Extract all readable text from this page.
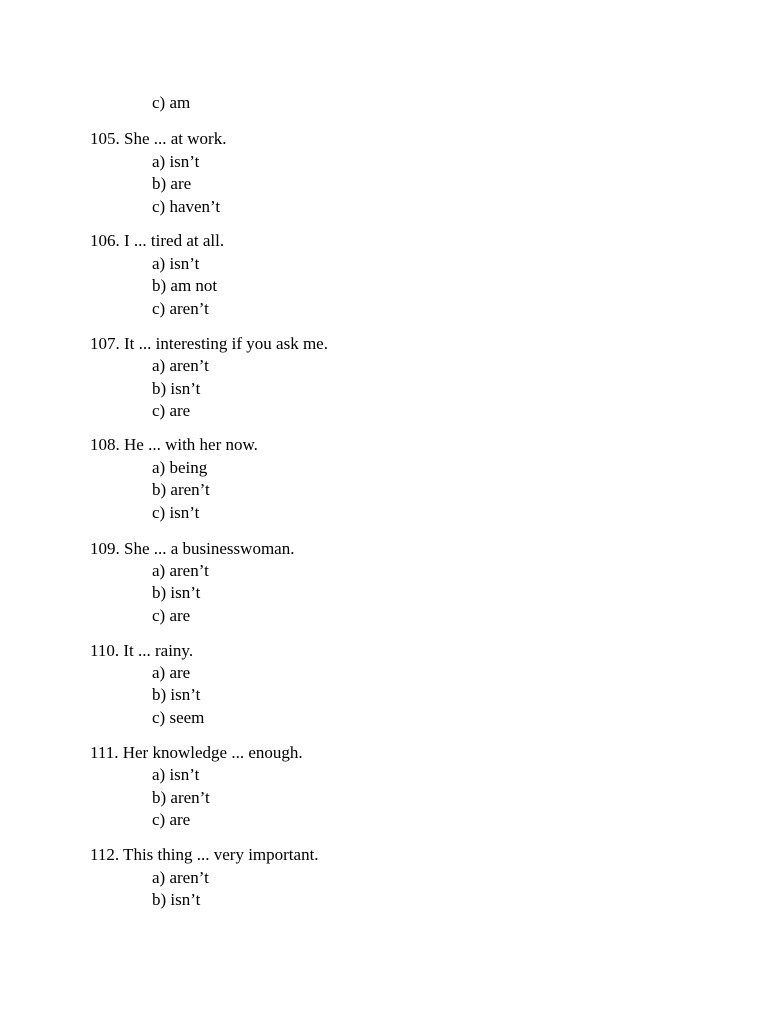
c) am
105. She ... at work.
a) isn’t
b) are
c) haven’t
106. I ... tired at all.
a) isn’t
b) am not
c) aren’t
107. It ... interesting if you ask me.
a) aren’t
b) isn’t
c) are
108. He ... with her now.
a) being
b) aren’t
c) isn’t
109. She ... a businesswoman.
a) aren’t
b) isn’t
c) are
110. It ... rainy.
a) are
b) isn’t
c) seem
111. Her knowledge ... enough.
a) isn’t
b) aren’t
c) are
112. This thing ... very important.
a) aren’t
b) isn’t
